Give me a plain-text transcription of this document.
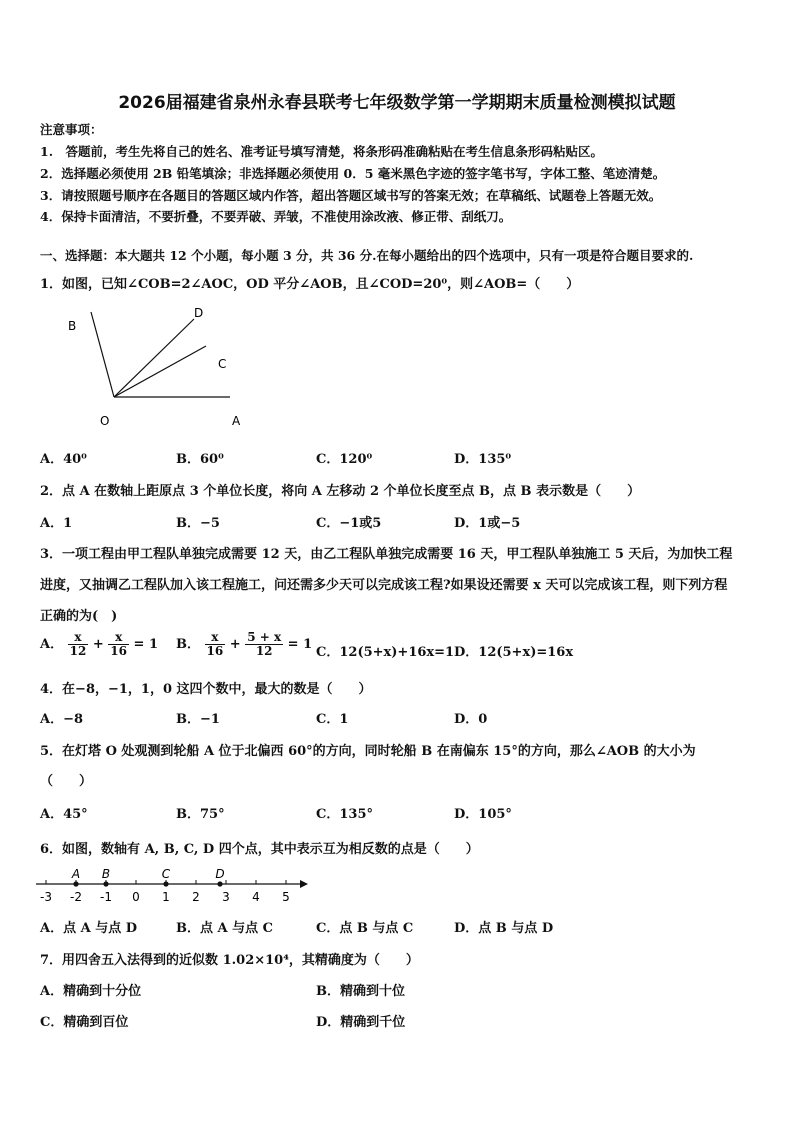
2026届福建省泉州永春县联考七年级数学第一学期期末质量检测模拟试题
注意事项：
1.　答题前，考生先将自己的姓名、准考证号填写清楚，将条形码准确粘贴在考生信息条形码粘贴区。
2．选择题必须使用 2B 铅笔填涂；非选择题必须使用 0．5 毫米黑色字迹的签字笔书写，字体工整、笔迹清楚。
3．请按照题号顺序在各题目的答题区域内作答，超出答题区域书写的答案无效；在草稿纸、试题卷上答题无效。
4．保持卡面清洁，不要折叠，不要弄破、弄皱，不准使用涂改液、修正带、刮纸刀。
一、选择题：本大题共 12 个小题，每小题 3 分，共 36 分.在每小题给出的四个选项中，只有一项是符合题目要求的.
1．如图，已知∠COB=2∠AOC，OD 平分∠AOB，且∠COD=20⁰，则∠AOB=（　　）
B
D
C
O	A
A．40⁰	B．60⁰	C．120⁰	D．135⁰
2．点 A 在数轴上距原点 3 个单位长度，将向 A 左移动 2 个单位长度至点 B，点 B 表示数是（　　）
A．1	B．−5	C．−1或5	D．1或−5
3．一项工程由甲工程队单独完成需要 12 天，由乙工程队单独完成需要 16 天，甲工程队单独施工 5 天后，为加快工程
进度，又抽调乙工程队加入该工程施工，问还需多少天可以完成该工程?如果设还需要 x 天可以完成该工程，则下列方程
正确的为(　)
A． $\frac{x}{12} + \frac{x}{16} = 1$ B． $\frac{x}{16} + \frac{5 + x}{12} = 1$
C．12(5+x)+16x=1 D．12(5+x)=16x
4．在−8，−1，1，0 这四个数中，最大的数是（　　）
A．−8	B．−1	C．1	D．0
5．在灯塔 O 处观测到轮船 A 位于北偏西 60°的方向，同时轮船 B 在南偏东 15°的方向，那么∠AOB 的大小为
（　　）
A．45°	B．75°	C．135°	D．105°
6．如图，数轴有 A, B, C, D 四个点，其中表示互为相反数的点是（　　）
-3 -2 -1 0 1 2 3 4 5
A B	C	D
A．点 A 与点 D	B．点 A 与点 C	C．点 B 与点 C	D．点 B 与点 D
7．用四舍五入法得到的近似数 1.02×10⁴，其精确度为（　　）
A．精确到十分位	B．精确到十位
C．精确到百位	D．精确到千位
